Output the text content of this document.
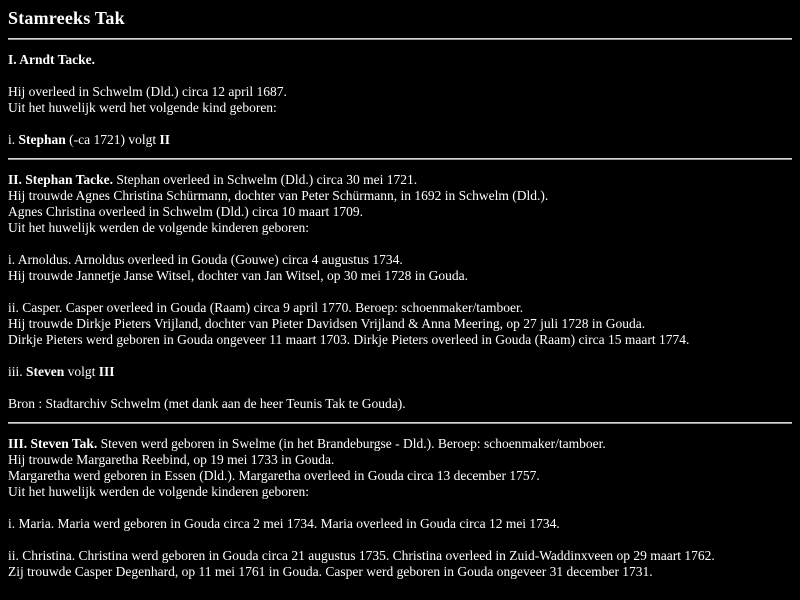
Stamreeks Tak
I. Arndt Tacke.
Hij overleed in Schwelm (Dld.) circa 12 april 1687.
Uit het huwelijk werd het volgende kind geboren:
i. Stephan (-ca 1721) volgt II
II. Stephan Tacke. Stephan overleed in Schwelm (Dld.) circa 30 mei 1721.
Hij trouwde Agnes Christina Schürmann, dochter van Peter Schürmann, in 1692 in Schwelm (Dld.).
Agnes Christina overleed in Schwelm (Dld.) circa 10 maart 1709.
Uit het huwelijk werden de volgende kinderen geboren:
i. Arnoldus. Arnoldus overleed in Gouda (Gouwe) circa 4 augustus 1734.
Hij trouwde Jannetje Janse Witsel, dochter van Jan Witsel, op 30 mei 1728 in Gouda.
ii. Casper. Casper overleed in Gouda (Raam) circa 9 april 1770. Beroep: schoenmaker/tamboer.
Hij trouwde Dirkje Pieters Vrijland, dochter van Pieter Davidsen Vrijland & Anna Meering, op 27 juli 1728 in Gouda.
Dirkje Pieters werd geboren in Gouda ongeveer 11 maart 1703. Dirkje Pieters overleed in Gouda (Raam) circa 15 maart 1774.
iii. Steven volgt III
Bron : Stadtarchiv Schwelm (met dank aan de heer Teunis Tak te Gouda).
III. Steven Tak. Steven werd geboren in Swelme (in het Brandeburgse - Dld.). Beroep: schoenmaker/tamboer.
Hij trouwde Margaretha Reebind, op 19 mei 1733 in Gouda.
Margaretha werd geboren in Essen (Dld.). Margaretha overleed in Gouda circa 13 december 1757.
Uit het huwelijk werden de volgende kinderen geboren:
i. Maria. Maria werd geboren in Gouda circa 2 mei 1734. Maria overleed in Gouda circa 12 mei 1734.
ii. Christina. Christina werd geboren in Gouda circa 21 augustus 1735. Christina overleed in Zuid-Waddinxveen op 29 maart 1762.
Zij trouwde Casper Degenhard, op 11 mei 1761 in Gouda. Casper werd geboren in Gouda ongeveer 31 december 1731.
